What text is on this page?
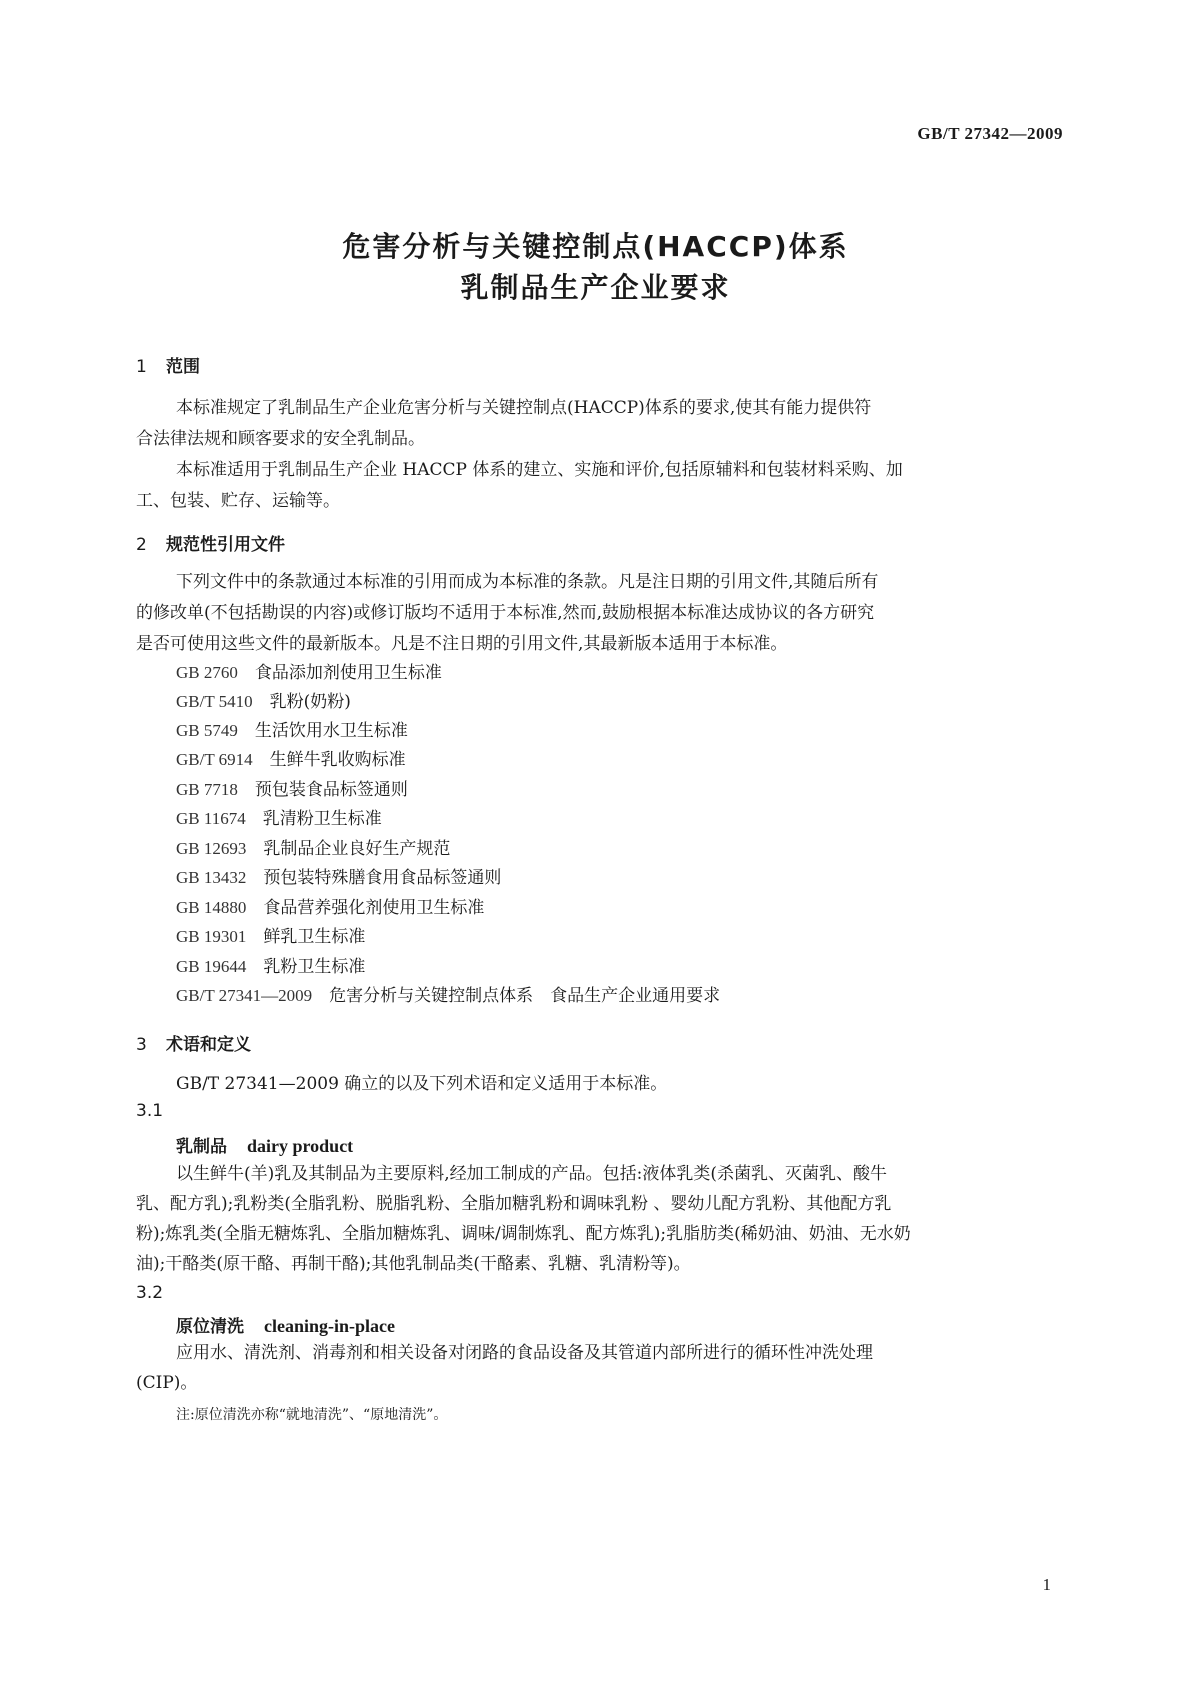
GB/T 27342—2009
危害分析与关键控制点(HACCP)体系
乳制品生产企业要求
1 范围
本标准规定了乳制品生产企业危害分析与关键控制点(HACCP)体系的要求,使其有能力提供符
合法律法规和顾客要求的安全乳制品。
本标准适用于乳制品生产企业 HACCP 体系的建立、实施和评价,包括原辅料和包装材料采购、加
工、包装、贮存、运输等。
2 规范性引用文件
下列文件中的条款通过本标准的引用而成为本标准的条款。凡是注日期的引用文件,其随后所有
的修改单(不包括勘误的内容)或修订版均不适用于本标准,然而,鼓励根据本标准达成协议的各方研究
是否可使用这些文件的最新版本。凡是不注日期的引用文件,其最新版本适用于本标准。
GB 2760　 食品添加剂使用卫生标准
GB/T 5410　 乳粉(奶粉)
GB 5749　 生活饮用水卫生标准
GB/T 6914　 生鲜牛乳收购标准
GB 7718　 预包装食品标签通则
GB 11674　 乳清粉卫生标准
GB 12693　 乳制品企业良好生产规范
GB 13432　 预包装特殊膳食用食品标签通则
GB 14880　 食品营养强化剂使用卫生标准
GB 19301　 鲜乳卫生标准
GB 19644　 乳粉卫生标准
GB/T 27341—2009　 危害分析与关键控制点体系　食品生产企业通用要求
3 术语和定义
GB/T 27341—2009 确立的以及下列术语和定义适用于本标准。
3.1
乳制品 dairy product
以生鲜牛(羊)乳及其制品为主要原料,经加工制成的产品。包括:液体乳类(杀菌乳、灭菌乳、酸牛
乳、配方乳);乳粉类(全脂乳粉、脱脂乳粉、全脂加糖乳粉和调味乳粉 、婴幼儿配方乳粉、其他配方乳
粉);炼乳类(全脂无糖炼乳、全脂加糖炼乳、调味/调制炼乳、配方炼乳);乳脂肪类(稀奶油、奶油、无水奶
油);干酪类(原干酪、再制干酪);其他乳制品类(干酪素、乳糖、乳清粉等)。
3.2
原位清洗 cleaning-in-place
应用水、清洗剂、消毒剂和相关设备对闭路的食品设备及其管道内部所进行的循环性冲洗处理
(CIP)。
注:原位清洗亦称“就地清洗”、“原地清洗”。
1
